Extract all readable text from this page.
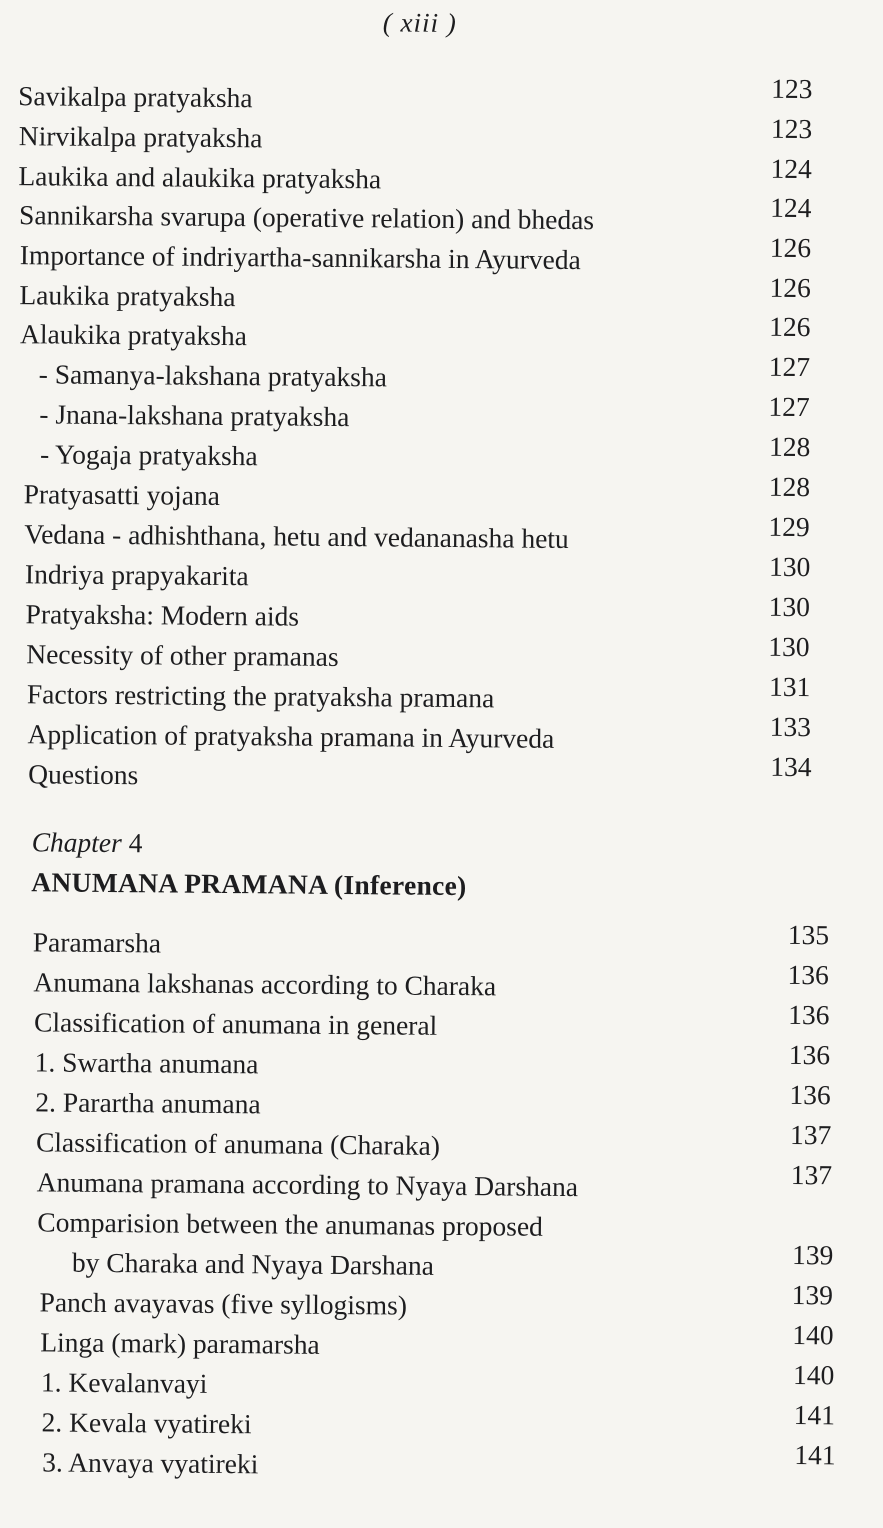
( xiii )
Savikalpa pratyaksha	123
Nirvikalpa pratyaksha	123
Laukika and alaukika pratyaksha	124
Sannikarsha svarupa (operative relation) and bhedas	124
Importance of indriyartha-sannikarsha in Ayurveda	126
Laukika pratyaksha	126
Alaukika pratyaksha	126
- Samanya-lakshana pratyaksha	127
- Jnana-lakshana pratyaksha	127
- Yogaja pratyaksha	128
Pratyasatti yojana	128
Vedana - adhishthana, hetu and vedananasha hetu	129
Indriya prapyakarita	130
Pratyaksha: Modern aids	130
Necessity of other pramanas	130
Factors restricting the pratyaksha pramana	131
Application of pratyaksha pramana in Ayurveda	133
Questions	134
Chapter 4
ANUMANA PRAMANA (Inference)
Paramarsha	135
Anumana lakshanas according to Charaka	136
Classification of anumana in general	136
1. Swartha anumana	136
2. Parartha anumana	136
Classification of anumana (Charaka)	137
Anumana pramana according to Nyaya Darshana	137
Comparision between the anumanas proposed
by Charaka and Nyaya Darshana	139
Panch avayavas (five syllogisms)	139
Linga (mark) paramarsha	140
1. Kevalanvayi	140
2. Kevala vyatireki	141
3. Anvaya vyatireki	141
